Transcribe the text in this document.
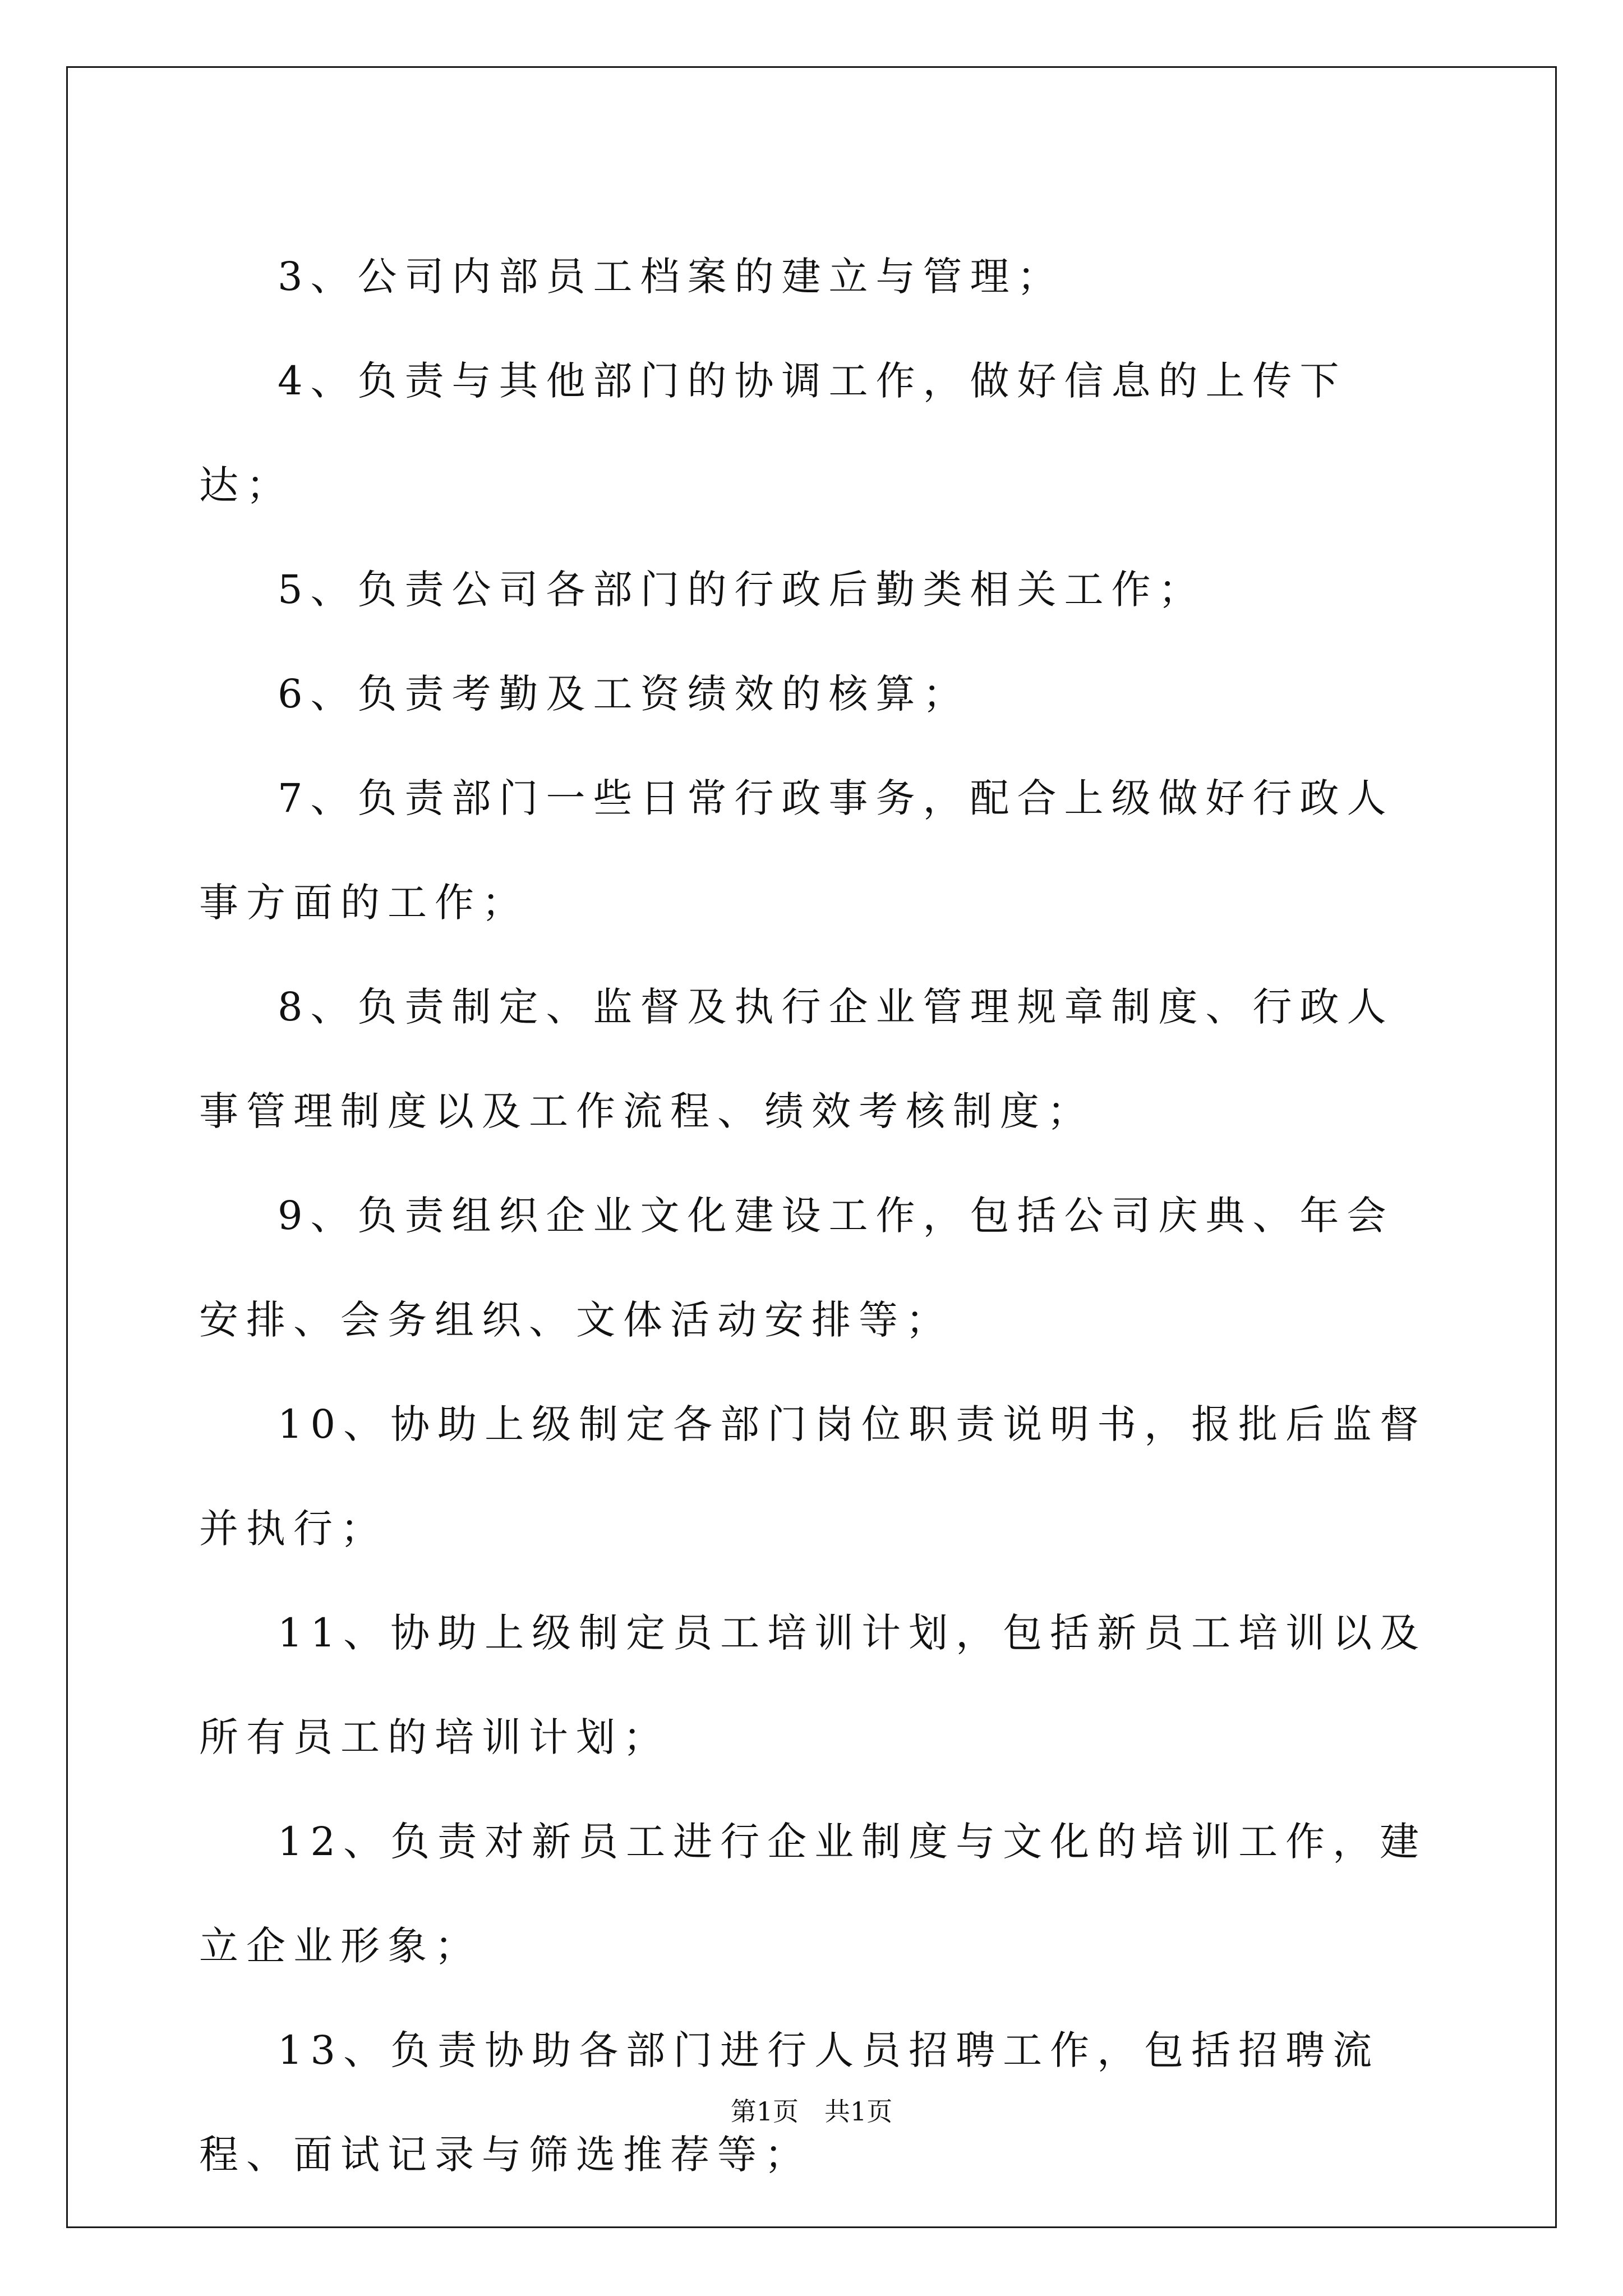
3、公司内部员工档案的建立与管理；

4、负责与其他部门的协调工作，做好信息的上传下达；

5、负责公司各部门的行政后勤类相关工作；

6、负责考勤及工资绩效的核算；

7、负责部门一些日常行政事务，配合上级做好行政人事方面的工作；

8、负责制定、监督及执行企业管理规章制度、行政人事管理制度以及工作流程、绩效考核制度；

9、负责组织企业文化建设工作，包括公司庆典、年会安排、会务组织、文体活动安排等；

10、协助上级制定各部门岗位职责说明书，报批后监督并执行；

11、协助上级制定员工培训计划，包括新员工培训以及所有员工的培训计划；

12、负责对新员工进行企业制度与文化的培训工作，建立企业形象；

13、负责协助各部门进行人员招聘工作，包括招聘流程、面试记录与筛选推荐等；

第1页 共1页
